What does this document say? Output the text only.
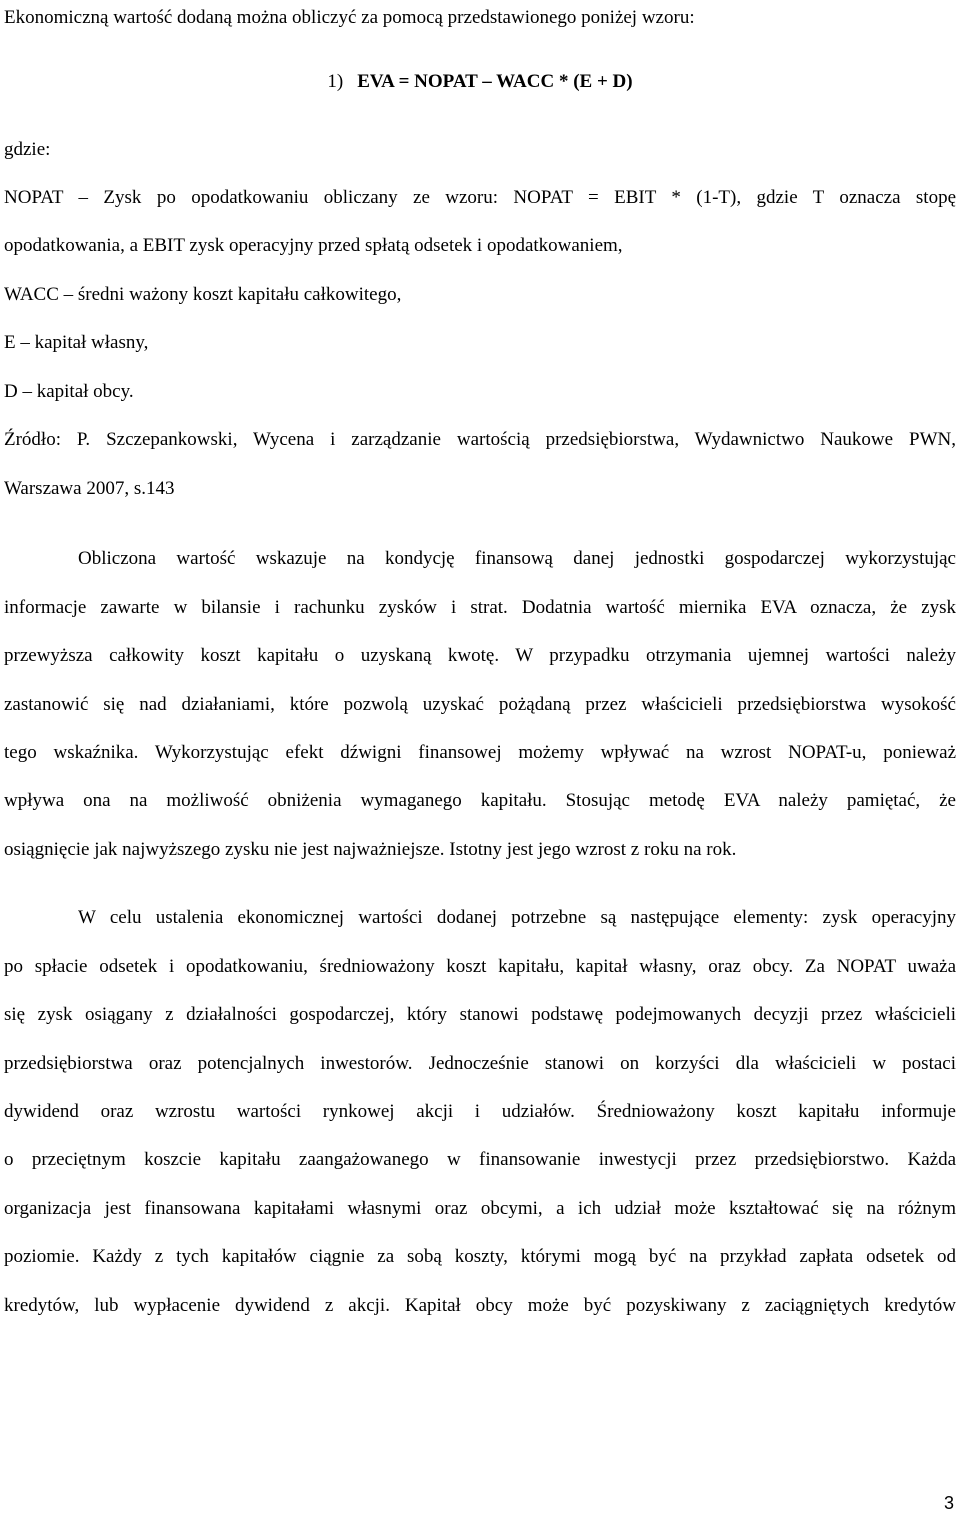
Ekonomiczną wartość dodaną można obliczyć za pomocą przedstawionego poniżej wzoru:
1) EVA = NOPAT – WACC * (E + D)
gdzie:
NOPAT – Zysk po opodatkowaniu obliczany ze wzoru: NOPAT = EBIT * (1-T), gdzie T oznacza stopę
opodatkowania, a EBIT zysk operacyjny przed spłatą odsetek i opodatkowaniem,
WACC – średni ważony koszt kapitału całkowitego,
E – kapitał własny,
D – kapitał obcy.
Źródło: P. Szczepankowski, Wycena i zarządzanie wartością przedsiębiorstwa, Wydawnictwo Naukowe PWN,
Warszawa 2007, s.143
Obliczona wartość wskazuje na kondycję finansową danej jednostki gospodarczej wykorzystując
informacje zawarte w bilansie i rachunku zysków i strat. Dodatnia wartość miernika EVA oznacza, że zysk
przewyższa całkowity koszt kapitału o uzyskaną kwotę. W przypadku otrzymania ujemnej wartości należy
zastanowić się nad działaniami, które pozwolą uzyskać pożądaną przez właścicieli przedsiębiorstwa wysokość
tego wskaźnika. Wykorzystując efekt dźwigni finansowej możemy wpływać na wzrost NOPAT-u, ponieważ
wpływa ona na możliwość obniżenia wymaganego kapitału. Stosując metodę EVA należy pamiętać, że
osiągnięcie jak najwyższego zysku nie jest najważniejsze. Istotny jest jego wzrost z roku na rok.
W celu ustalenia ekonomicznej wartości dodanej potrzebne są następujące elementy: zysk operacyjny
po spłacie odsetek i opodatkowaniu, średnioważony koszt kapitału, kapitał własny, oraz obcy. Za NOPAT uważa
się zysk osiągany z działalności gospodarczej, który stanowi podstawę podejmowanych decyzji przez właścicieli
przedsiębiorstwa oraz potencjalnych inwestorów. Jednocześnie stanowi on korzyści dla właścicieli w postaci
dywidend oraz wzrostu wartości rynkowej akcji i udziałów. Średnioważony koszt kapitału informuje
o przeciętnym koszcie kapitału zaangażowanego w finansowanie inwestycji przez przedsiębiorstwo. Każda
organizacja jest finansowana kapitałami własnymi oraz obcymi, a ich udział może kształtować się na różnym
poziomie. Każdy z tych kapitałów ciągnie za sobą koszty, którymi mogą być na przykład zapłata odsetek od
kredytów, lub wypłacenie dywidend z akcji. Kapitał obcy może być pozyskiwany z zaciągniętych kredytów
3
